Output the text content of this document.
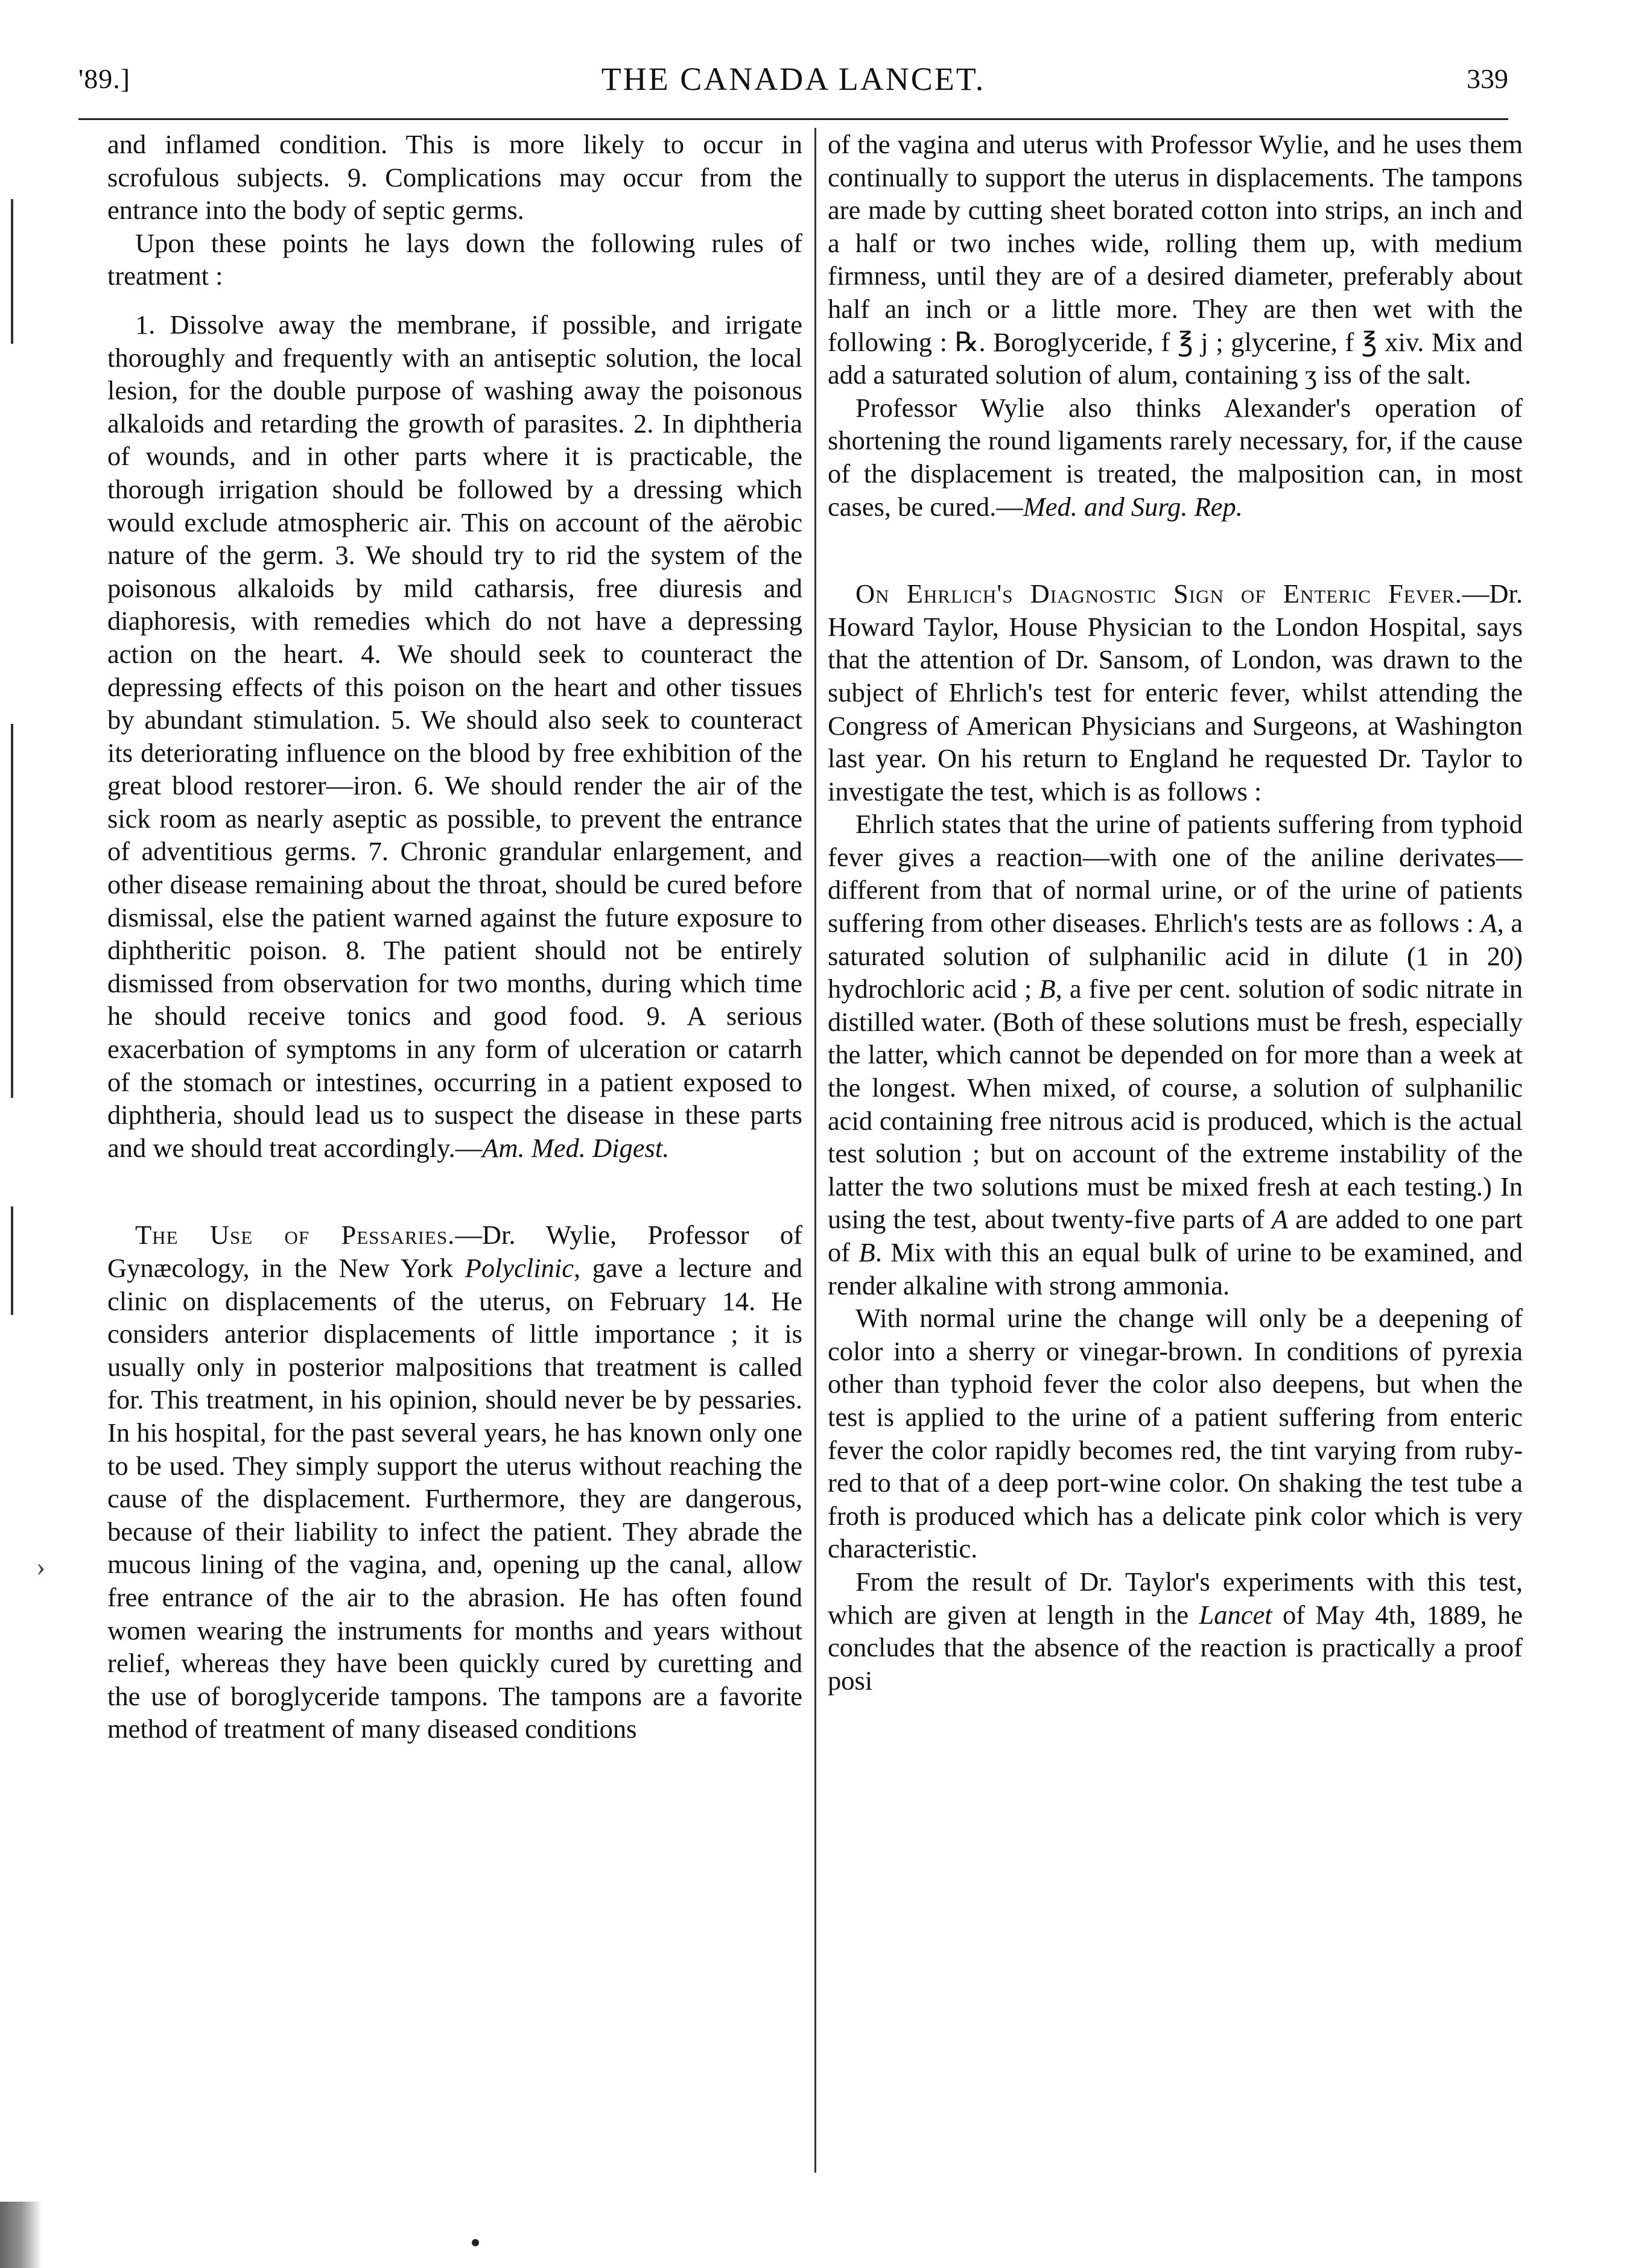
'89.]	THE CANADA LANCET.	339

and inflamed condition. This is more likely to occur in scrofulous subjects. 9. Complications may occur from the entrance into the body of septic germs.

Upon these points he lays down the following rules of treatment :

1. Dissolve away the membrane, if possible, and irrigate thoroughly and frequently with an antiseptic solution, the local lesion, for the double purpose of washing away the poisonous alkaloids and retarding the growth of parasites. 2. In diphtheria of wounds, and in other parts where it is practicable, the thorough irrigation should be followed by a dressing which would exclude atmospheric air. This on account of the aërobic nature of the germ. 3. We should try to rid the system of the poisonous alkaloids by mild catharsis, free diuresis and diaphoresis, with remedies which do not have a depressing action on the heart. 4. We should seek to counteract the depressing effects of this poison on the heart and other tissues by abundant stimulation. 5. We should also seek to counteract its deteriorating influence on the blood by free exhibition of the great blood restorer—iron. 6. We should render the air of the sick room as nearly aseptic as possible, to prevent the entrance of adventitious germs. 7. Chronic grandular enlargement, and other disease remaining about the throat, should be cured before dismissal, else the patient warned against the future exposure to diphtheritic poison. 8. The patient should not be entirely dismissed from observation for two months, during which time he should receive tonics and good food. 9. A serious exacerbation of symptoms in any form of ulceration or catarrh of the stomach or intestines, occurring in a patient exposed to diphtheria, should lead us to suspect the disease in these parts and we should treat accordingly.—Am. Med. Digest.

The Use of Pessaries.—Dr. Wylie, Professor of Gynæcology, in the New York Polyclinic, gave a lecture and clinic on displacements of the uterus, on February 14. He considers anterior displacements of little importance ; it is usually only in posterior malpositions that treatment is called for. This treatment, in his opinion, should never be by pessaries. In his hospital, for the past several years, he has known only one to be used. They simply support the uterus without reaching the cause of the displacement. Furthermore, they are dangerous, because of their liability to infect the patient. They abrade the mucous lining of the vagina, and, opening up the canal, allow free entrance of the air to the abrasion. He has often found women wearing the instruments for months and years without relief, whereas they have been quickly cured by curetting and the use of boroglyceride tampons. The tampons are a favorite method of treatment of many diseased conditions

of the vagina and uterus with Professor Wylie, and he uses them continually to support the uterus in displacements. The tampons are made by cutting sheet borated cotton into strips, an inch and a half or two inches wide, rolling them up, with medium firmness, until they are of a desired diameter, preferably about half an inch or a little more. They are then wet with the following : ℞. Boroglyceride, f ℥ j ; glycerine, f ℥ xiv. Mix and add a saturated solution of alum, containing ʒ iss of the salt.

Professor Wylie also thinks Alexander's operation of shortening the round ligaments rarely necessary, for, if the cause of the displacement is treated, the malposition can, in most cases, be cured.—Med. and Surg. Rep.

On Ehrlich's Diagnostic Sign of Enteric Fever.—Dr. Howard Taylor, House Physician to the London Hospital, says that the attention of Dr. Sansom, of London, was drawn to the subject of Ehrlich's test for enteric fever, whilst attending the Congress of American Physicians and Surgeons, at Washington last year. On his return to England he requested Dr. Taylor to investigate the test, which is as follows :

Ehrlich states that the urine of patients suffering from typhoid fever gives a reaction—with one of the aniline derivates—different from that of normal urine, or of the urine of patients suffering from other diseases. Ehrlich's tests are as follows : A, a saturated solution of sulphanilic acid in dilute (1 in 20) hydrochloric acid ; B, a five per cent. solution of sodic nitrate in distilled water. (Both of these solutions must be fresh, especially the latter, which cannot be depended on for more than a week at the longest. When mixed, of course, a solution of sulphanilic acid containing free nitrous acid is produced, which is the actual test solution ; but on account of the extreme instability of the latter the two solutions must be mixed fresh at each testing.) In using the test, about twenty-five parts of A are added to one part of B. Mix with this an equal bulk of urine to be examined, and render alkaline with strong ammonia.

With normal urine the change will only be a deepening of color into a sherry or vinegar-brown. In conditions of pyrexia other than typhoid fever the color also deepens, but when the test is applied to the urine of a patient suffering from enteric fever the color rapidly becomes red, the tint varying from ruby-red to that of a deep port-wine color. On shaking the test tube a froth is produced which has a delicate pink color which is very characteristic.

From the result of Dr. Taylor's experiments with this test, which are given at length in the Lancet of May 4th, 1889, he concludes that the absence of the reaction is practically a proof posi

›
